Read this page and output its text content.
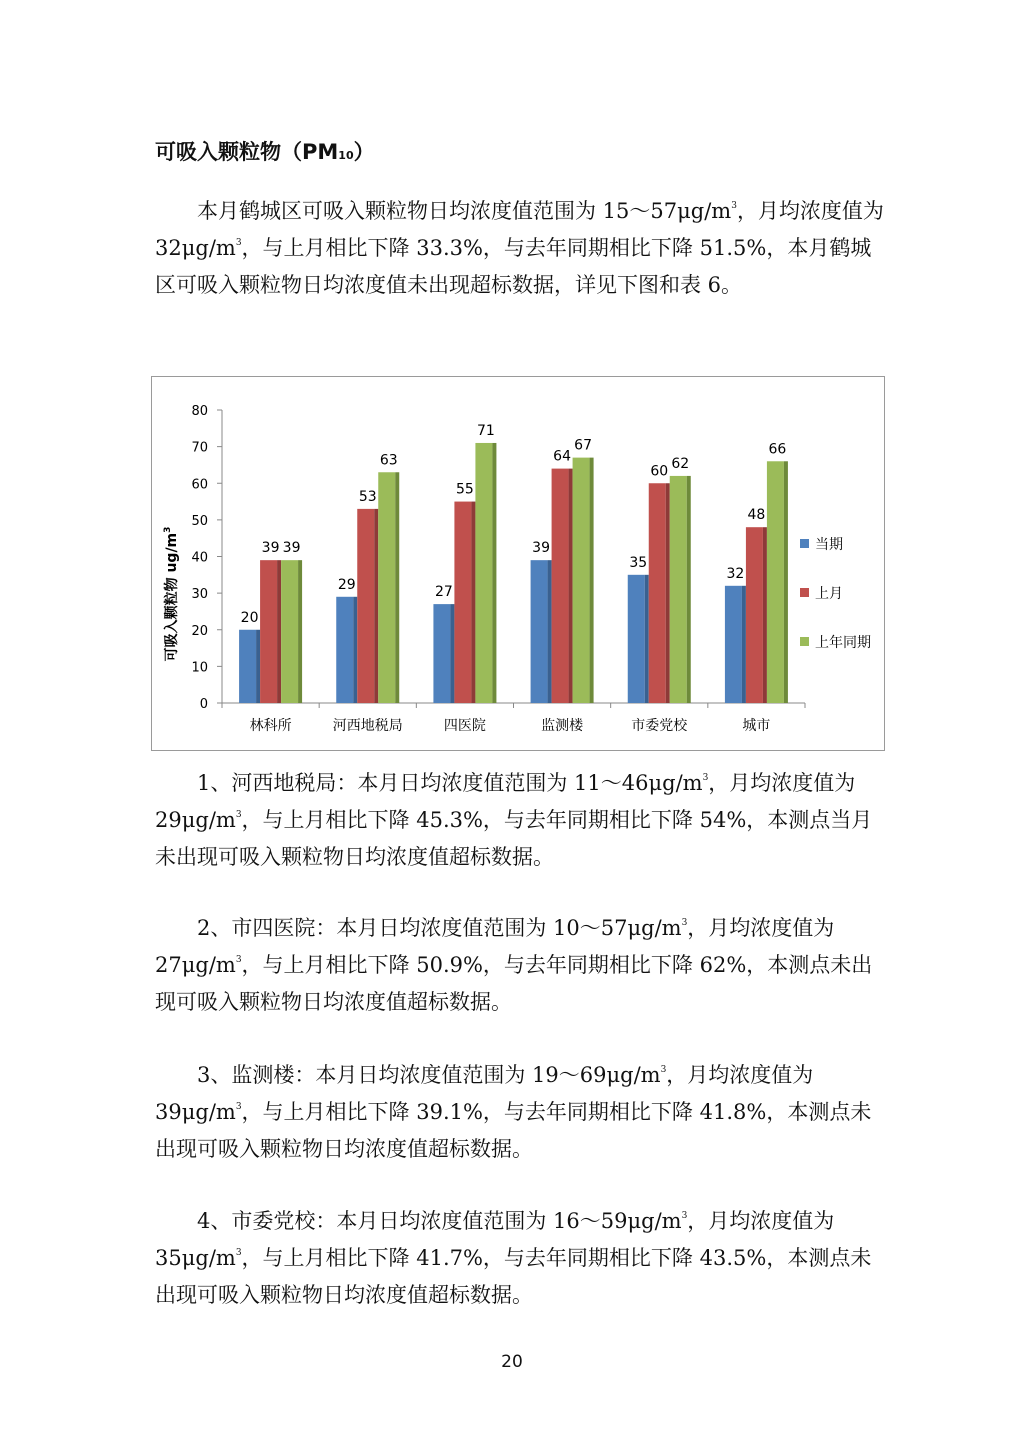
可吸入颗粒物（PM10）

本月鹤城区可吸入颗粒物日均浓度值范围为 $15\sim 57\mu g/m^3$，月均浓度值为 $32\mu g/m^3$，与上月相比下降 33.3%，与去年同期相比下降 51.5%，本月鹤城区可吸入颗粒物日均浓度值未出现超标数据，详见下图和表 6。

0
10
20
30
40
50
60
70
80
林科所	河西地税局	四医院	监测楼	市委党校	城市
当期
上月
上年同期
20
39 39
29
53
63
27
55
71
39
64
67
35
60 62
32
48
66
可吸入颗粒物 $ug/m^3$

1、河西地税局：本月日均浓度值范围为 $11\sim 46\mu g/m^3$，月均浓度值为 $29\mu g/m^3$，与上月相比下降 45.3%，与去年同期相比下降 54%，本测点当月未出现可吸入颗粒物日均浓度值超标数据。

2、市四医院：本月日均浓度值范围为 $10\sim 57\mu g/m^3$，月均浓度值为 $27\mu g/m^3$，与上月相比下降 50.9%，与去年同期相比下降 62%，本测点未出现可吸入颗粒物日均浓度值超标数据。

3、监测楼：本月日均浓度值范围为 $19\sim 69\mu g/m^3$，月均浓度值为 $39\mu g/m^3$，与上月相比下降 39.1%，与去年同期相比下降 41.8%，本测点未出现可吸入颗粒物日均浓度值超标数据。

4、市委党校：本月日均浓度值范围为 $16\sim 59\mu g/m^3$，月均浓度值为 $35\mu g/m^3$，与上月相比下降 41.7%，与去年同期相比下降 43.5%，本测点未出现可吸入颗粒物日均浓度值超标数据。

20
